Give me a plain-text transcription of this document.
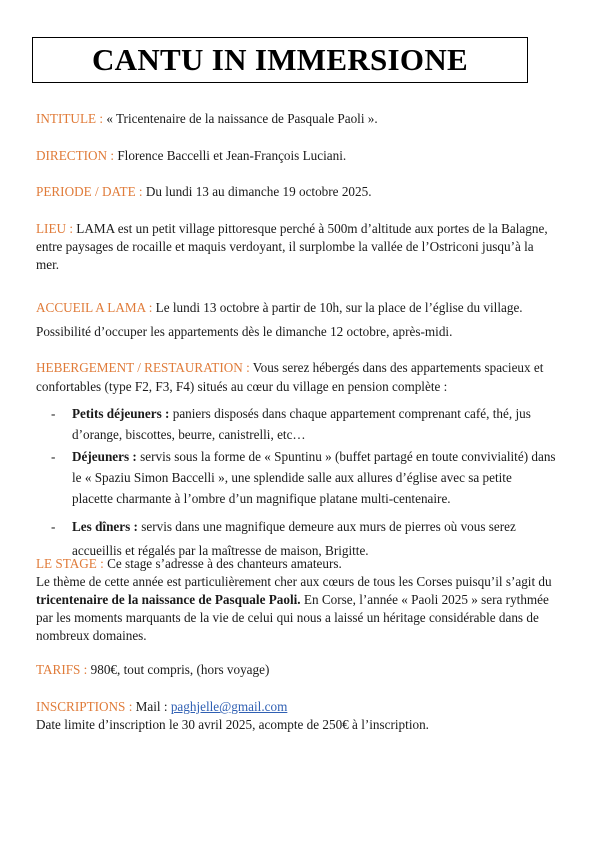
CANTU IN IMMERSIONE
INTITULE : « Tricentenaire de la naissance de Pasquale Paoli ».
DIRECTION : Florence Baccelli et Jean-François Luciani.
PERIODE / DATE : Du lundi 13 au dimanche 19 octobre 2025.
LIEU : LAMA est un petit village pittoresque perché à 500m d’altitude aux portes de la Balagne, entre paysages de rocaille et maquis verdoyant, il surplombe la vallée de l’Ostriconi jusqu’à la mer.
ACCUEIL A LAMA : Le lundi 13 octobre à partir de 10h, sur la place de l’église du village.
Possibilité d’occuper les appartements dès le dimanche 12 octobre, après-midi.
HEBERGEMENT / RESTAURATION : Vous serez hébergés dans des appartements spacieux et confortables (type F2, F3, F4) situés au cœur du village en pension complète :
- Petits déjeuners : paniers disposés dans chaque appartement comprenant café, thé, jus d’orange, biscottes, beurre, canistrelli, etc…
- Déjeuners : servis sous la forme de « Spuntinu » (buffet partagé en toute convivialité) dans le « Spaziu Simon Baccelli », une splendide salle aux allures d’église avec sa petite placette charmante à l’ombre d’un magnifique platane multi-centenaire.
- Les dîners : servis dans une magnifique demeure aux murs de pierres où vous serez accueillis et régalés par la maîtresse de maison, Brigitte.
LE STAGE : Ce stage s’adresse à des chanteurs amateurs.
Le thème de cette année est particulièrement cher aux cœurs de tous les Corses puisqu’il s’agit du tricentenaire de la naissance de Pasquale Paoli. En Corse, l’année « Paoli 2025 » sera rythmée par les moments marquants de la vie de celui qui nous a laissé un héritage considérable dans de nombreux domaines.
TARIFS : 980€, tout compris, (hors voyage)
INSCRIPTIONS : Mail : paghjelle@gmail.com
Date limite d’inscription le 30 avril 2025, acompte de 250€ à l’inscription.
